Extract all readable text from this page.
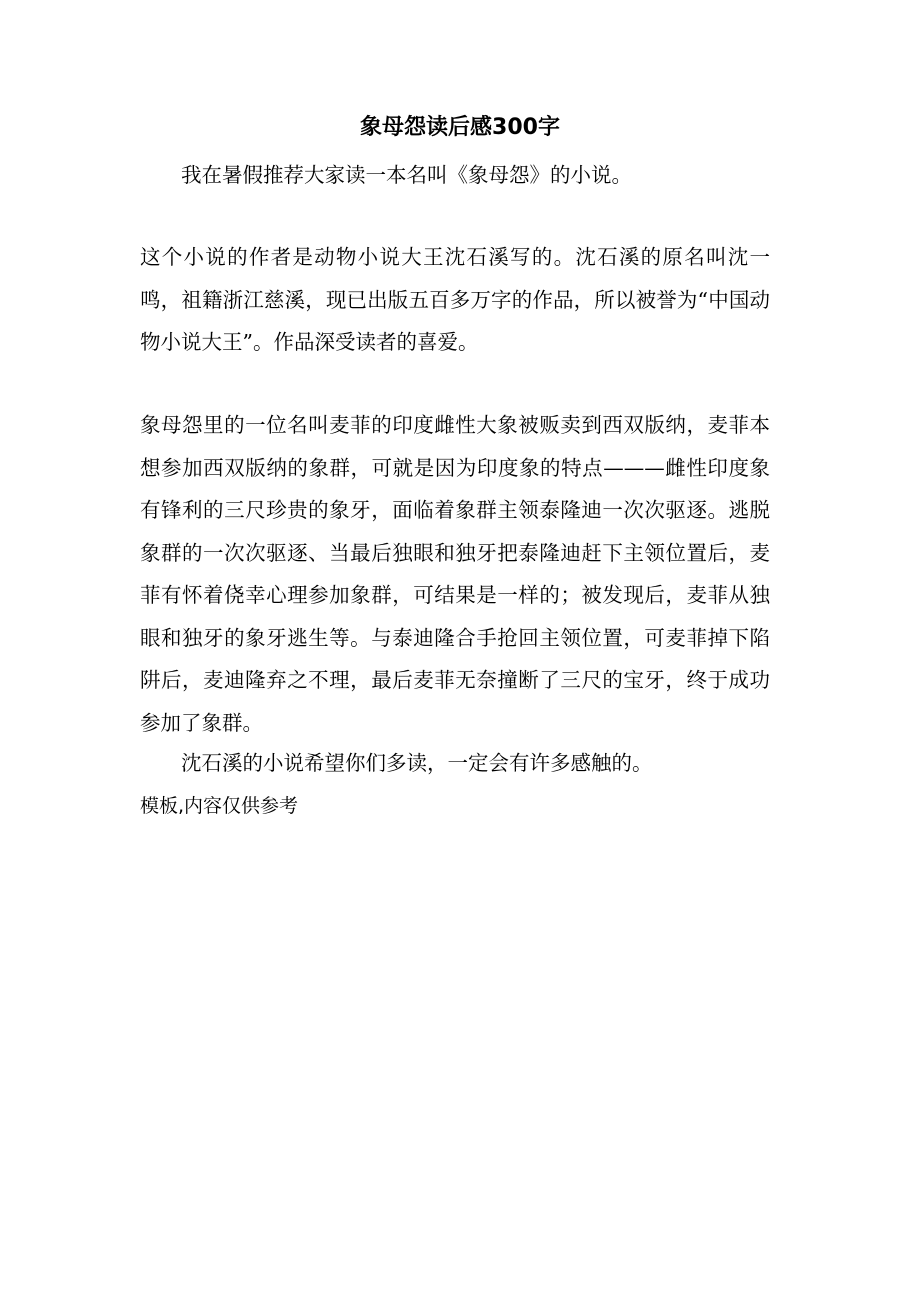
象母怨读后感300字

我在暑假推荐大家读一本名叫《象母怨》的小说。

这个小说的作者是动物小说大王沈石溪写的。沈石溪的原名叫沈一鸣，祖籍浙江慈溪，现已出版五百多万字的作品，所以被誉为“中国动物小说大王”。作品深受读者的喜爱。

象母怨里的一位名叫麦菲的印度雌性大象被贩卖到西双版纳，麦菲本想参加西双版纳的象群，可就是因为印度象的特点———雌性印度象有锋利的三尺珍贵的象牙，面临着象群主领泰隆迪一次次驱逐。逃脱象群的一次次驱逐、当最后独眼和独牙把泰隆迪赶下主领位置后，麦菲有怀着侥幸心理参加象群，可结果是一样的；被发现后，麦菲从独眼和独牙的象牙逃生等。与泰迪隆合手抢回主领位置，可麦菲掉下陷阱后，麦迪隆弃之不理，最后麦菲无奈撞断了三尺的宝牙，终于成功参加了象群。

沈石溪的小说希望你们多读，一定会有许多感触的。

模板,内容仅供参考
